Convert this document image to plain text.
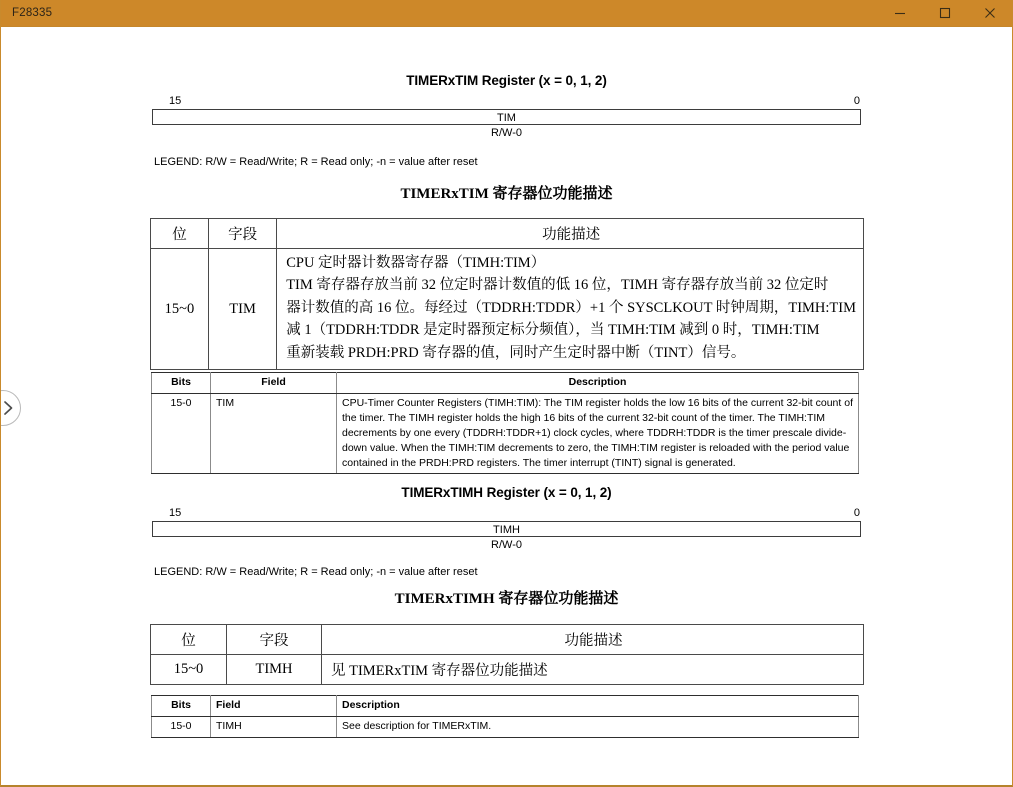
F28335
TIMERxTIM Register (x = 0, 1, 2)
15	0
TIM
R/W-0
LEGEND: R/W = Read/Write; R = Read only; -n = value after reset
TIMERxTIM 寄存器位功能描述
位	字段	功能描述
15~0	TIM	CPU 定时器计数器寄存器（TIMH:TIM）
TIM 寄存器存放当前 32 位定时器计数值的低 16 位，TIMH 寄存器存放当前 32 位定时
器计数值的高 16 位。每经过（TDDRH:TDDR）+1 个 SYSCLKOUT 时钟周期，TIMH:TIM
减 1（TDDRH:TDDR 是定时器预定标分频值），当 TIMH:TIM 减到 0 时，TIMH:TIM
重新装载 PRDH:PRD 寄存器的值，同时产生定时器中断（TINT）信号。
Bits	Field	Description
15-0	TIM	CPU-Timer Counter Registers (TIMH:TIM): The TIM register holds the low 16 bits of the current 32-bit count of the timer. The TIMH register holds the high 16 bits of the current 32-bit count of the timer. The TIMH:TIM decrements by one every (TDDRH:TDDR+1) clock cycles, where TDDRH:TDDR is the timer prescale divide-down value. When the TIMH:TIM decrements to zero, the TIMH:TIM register is reloaded with the period value contained in the PRDH:PRD registers. The timer interrupt (TINT) signal is generated.
TIMERxTIMH Register (x = 0, 1, 2)
15	0
TIMH
R/W-0
LEGEND: R/W = Read/Write; R = Read only; -n = value after reset
TIMERxTIMH 寄存器位功能描述
位	字段	功能描述
15~0	TIMH	见 TIMERxTIM 寄存器位功能描述
Bits	Field	Description
15-0	TIMH	See description for TIMERxTIM.
